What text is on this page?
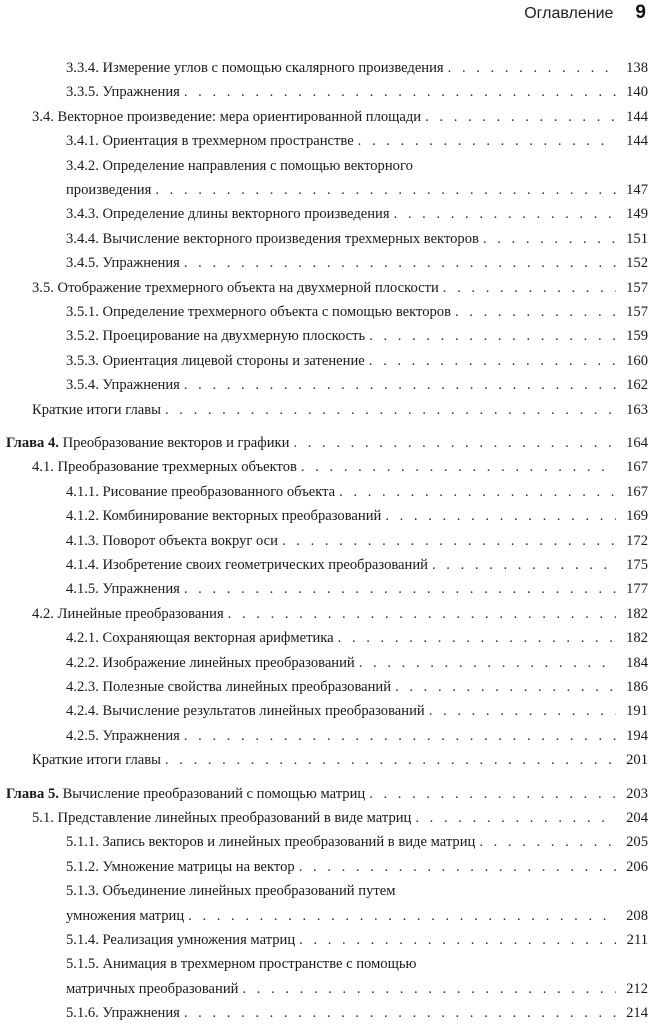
Оглавление 9
3.3.4. Измерение углов с помощью скалярного произведения . . .	138
3.3.5. Упражнения . . .	140
3.4. Векторное произведение: мера ориентированной площади . . .	144
3.4.1. Ориентация в трехмерном пространстве . . .	144
3.4.2. Определение направления с помощью векторного
произведения . . .	147
3.4.3. Определение длины векторного произведения . . .	149
3.4.4. Вычисление векторного произведения трехмерных векторов . . .	151
3.4.5. Упражнения . . .	152
3.5. Отображение трехмерного объекта на двухмерной плоскости . . .	157
3.5.1. Определение трехмерного объекта с помощью векторов . . .	157
3.5.2. Проецирование на двухмерную плоскость . . .	159
3.5.3. Ориентация лицевой стороны и затенение . . .	160
3.5.4. Упражнения . . .	162
Краткие итоги главы . . .	163
Глава 4. Преобразование векторов и графики . . .	164
4.1. Преобразование трехмерных объектов . . .	167
4.1.1. Рисование преобразованного объекта . . .	167
4.1.2. Комбинирование векторных преобразований . . .	169
4.1.3. Поворот объекта вокруг оси . . .	172
4.1.4. Изобретение своих геометрических преобразований . . .	175
4.1.5. Упражнения . . .	177
4.2. Линейные преобразования . . .	182
4.2.1. Сохраняющая векторная арифметика . . .	182
4.2.2. Изображение линейных преобразований . . .	184
4.2.3. Полезные свойства линейных преобразований . . .	186
4.2.4. Вычисление результатов линейных преобразований . . .	191
4.2.5. Упражнения . . .	194
Краткие итоги главы . . .	201
Глава 5. Вычисление преобразований с помощью матриц . . .	203
5.1. Представление линейных преобразований в виде матриц . . .	204
5.1.1. Запись векторов и линейных преобразований в виде матриц . . .	205
5.1.2. Умножение матрицы на вектор . . .	206
5.1.3. Объединение линейных преобразований путем
умножения матриц . . .	208
5.1.4. Реализация умножения матриц . . .	211
5.1.5. Анимация в трехмерном пространстве с помощью
матричных преобразований . . .	212
5.1.6. Упражнения . . .	214
